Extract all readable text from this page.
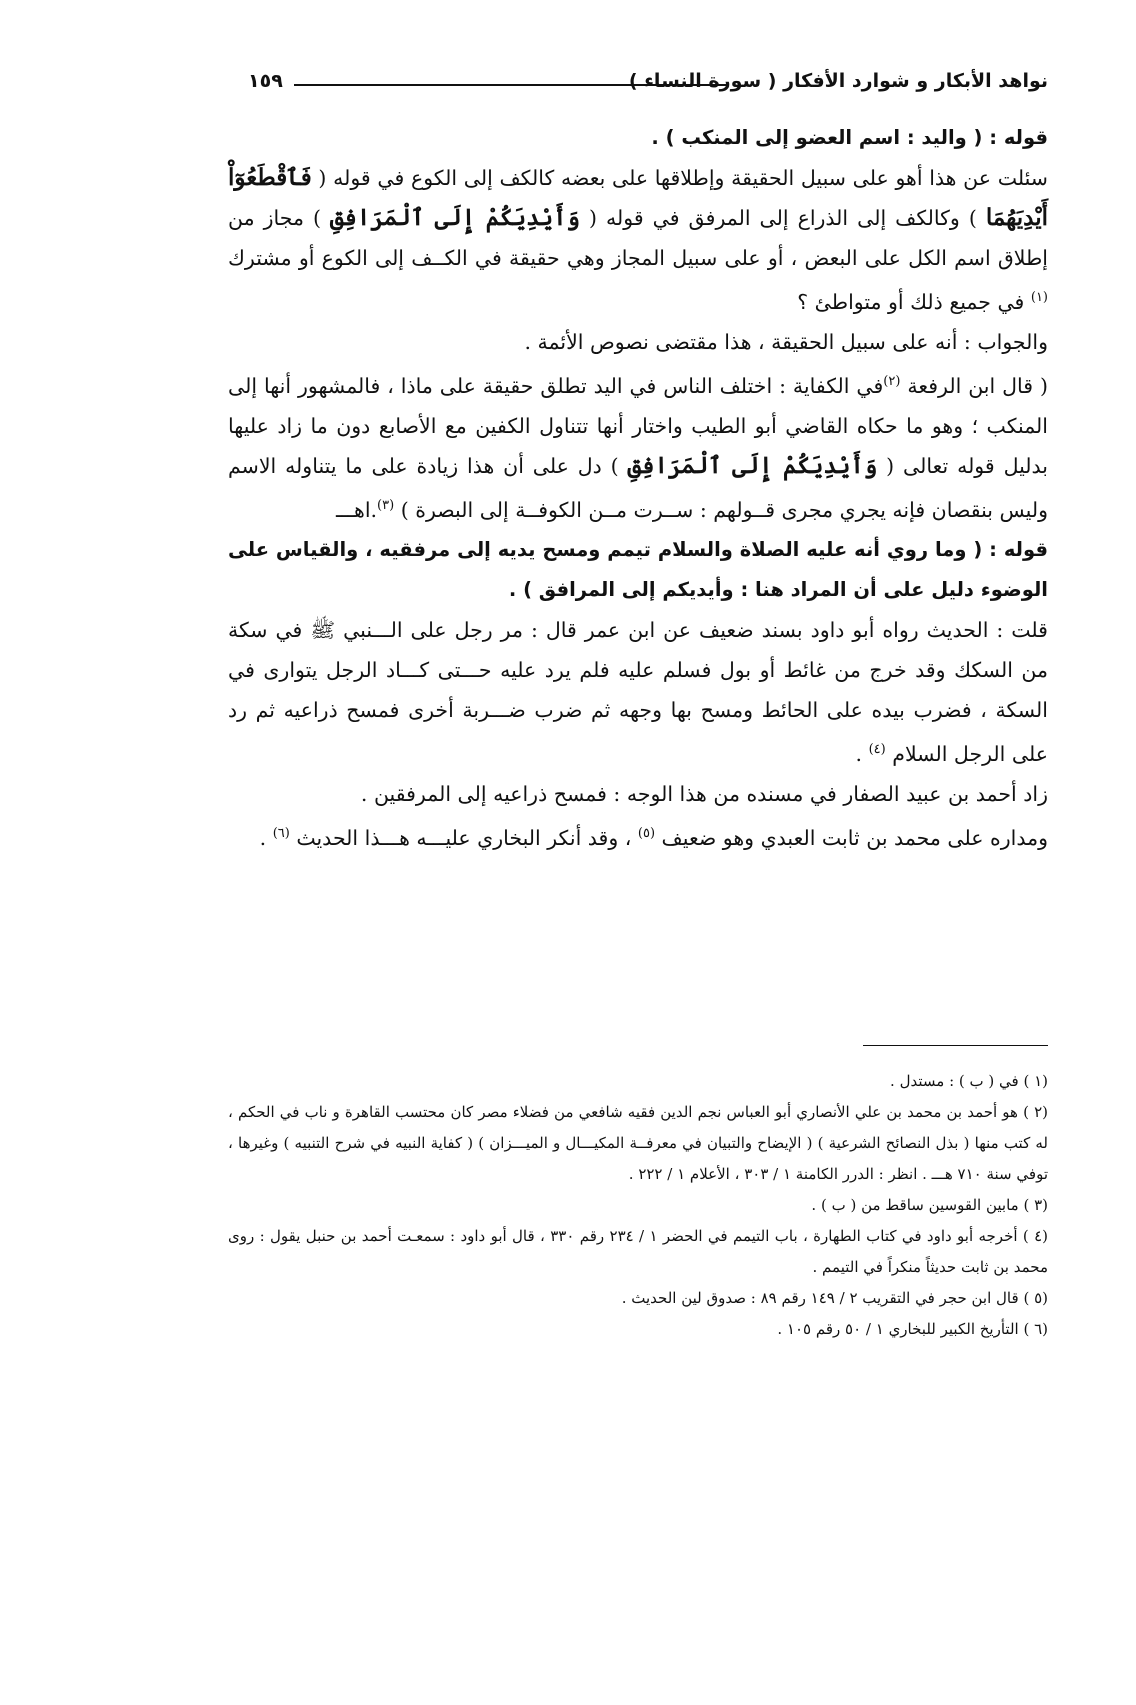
نواهد الأبكار و شوارد الأفكار ( سورة النساء )
١٥٩

قوله : ( واليد : اسم العضو إلى المنكب ) .

سئلت عن هذا أهو على سبيل الحقيقة وإطلاقها على بعضه كالكف إلى الكوع في قوله ( فَٱقْطَعُوٓاْ أَيْدِيَهُمَا ) وكالكف إلى الذراع إلى المرفق في قوله ( وَأَيْدِيَكُمْ إِلَى ٱلْمَرَافِقِ ) مجاز من إطلاق اسم الكل على البعض ، أو على سبيل المجاز وهي حقيقة في الكــف إلى الكوع أو مشترك $^{(١)}$ في جميع ذلك أو متواطئ ؟

والجواب : أنه على سبيل الحقيقة ، هذا مقتضى نصوص الأئمة .

( قال ابن الرفعة $^{(٢)}$في الكفاية : اختلف الناس في اليد تطلق حقيقة على ماذا ، فالمشهور أنها إلى المنكب ؛ وهو ما حكاه القاضي أبو الطيب واختار أنها تتناول الكفين مع الأصابع دون ما زاد عليها بدليل قوله تعالى ( وَأَيْدِيَكُمْ إِلَى ٱلْمَرَافِقِ ) دل على أن هذا زيادة على ما يتناوله الاسم وليس بنقصان فإنه يجري مجرى قــولهم : ســرت مــن الكوفــة إلى البصرة ) $^{(٣)}$.اهـــ

قوله : ( وما روي أنه عليه الصلاة والسلام تيمم ومسح يديه إلى مرفقيه ، والقياس على الوضوء دليل على أن المراد هنا : وأيديكم إلى المرافق ) .

قلت : الحديث رواه أبو داود بسند ضعيف عن ابن عمر قال : مر رجل على الـــنبي ﷺ في سكة من السكك وقد خرج من غائط أو بول فسلم عليه فلم يرد عليه حـــتى كـــاد الرجل يتوارى في السكة ، فضرب بيده على الحائط ومسح بها وجهه ثم ضرب ضـــربة أخرى فمسح ذراعيه ثم رد على الرجل السلام $^{(٤)}$ .

زاد أحمد بن عبيد الصفار في مسنده من هذا الوجه : فمسح ذراعيه إلى المرفقين .

ومداره على محمد بن ثابت العبدي وهو ضعيف $^{(٥)}$ ، وقد أنكر البخاري عليـــه هـــذا الحديث $^{(٦)}$ .

(١ ) في ( ب ) : مستدل .

(٢ ) هو أحمد بن محمد بن علي الأنصاري أبو العباس نجم الدين فقيه شافعي من فضلاء مصر كان محتسب القاهرة و ناب في الحكم ، له كتب منها ( بذل النصائح الشرعية ) ( الإيضاح والتبيان في معرفــة المكيـــال و الميـــزان ) ( كفاية النبيه في شرح التنبيه ) وغيرها ، توفي سنة ٧١٠ هـــ . انظر : الدرر الكامنة ١ / ٣٠٣ ، الأعلام ١ / ٢٢٢ .

(٣ ) مابين القوسين ساقط من ( ب ) .

(٤ ) أخرجه أبو داود في كتاب الطهارة ، باب التيمم في الحضر ١ / ٢٣٤ رقم ٣٣٠ ، قال أبو داود : سمعـت أحمد بن حنبل يقول : روى محمد بن ثابت حديثاً منكراً في التيمم .

(٥ ) قال ابن حجر في التقريب ٢ / ١٤٩ رقم ٨٩ : صدوق لين الحديث .

(٦ ) التأريخ الكبير للبخاري ١ / ٥٠ رقم ١٠٥ .
